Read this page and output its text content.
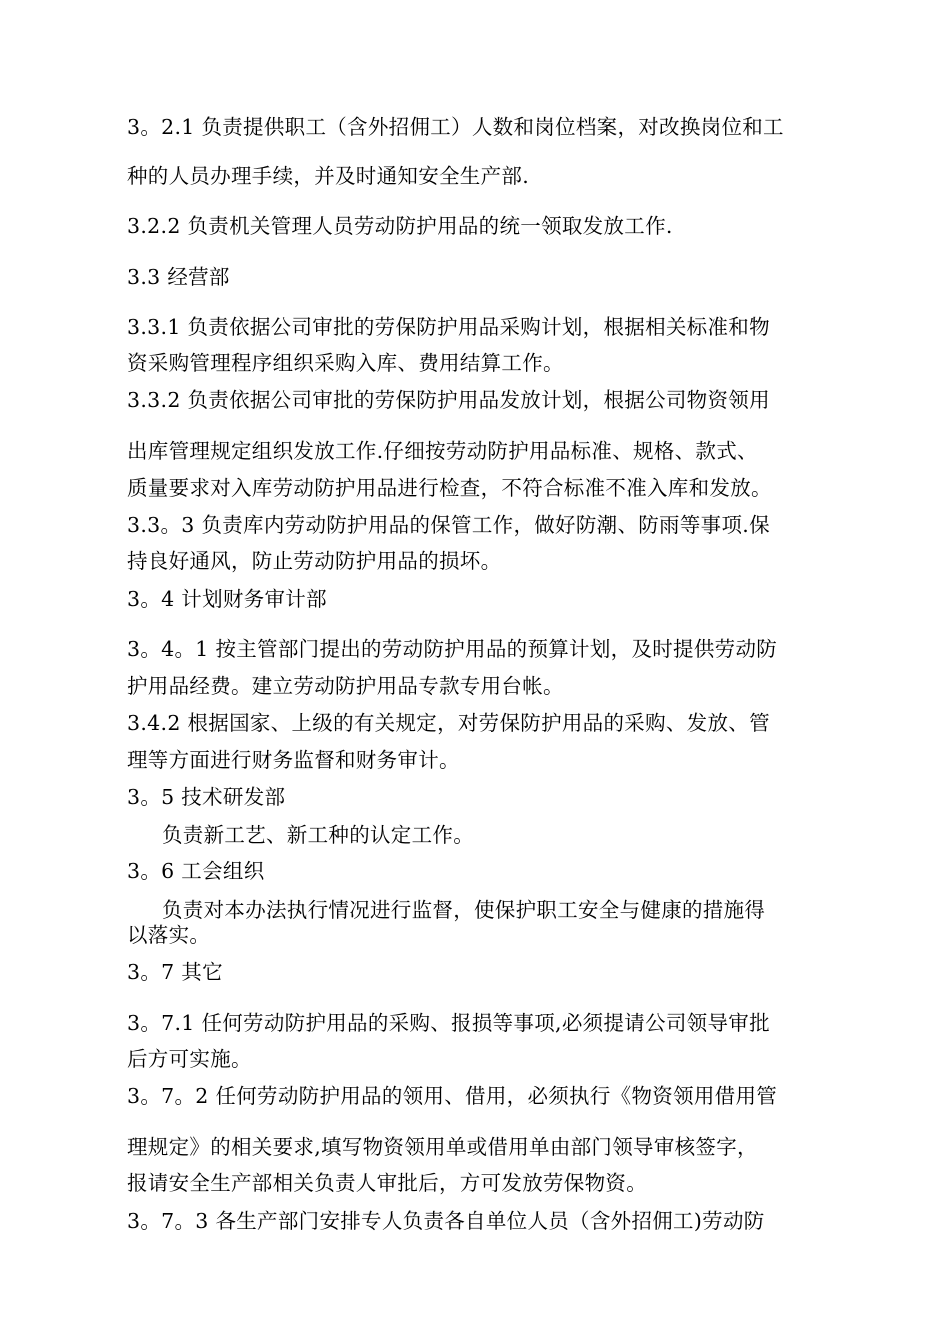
3。2.1 负责提供职工（含外招佣工）人数和岗位档案，对改换岗位和工
种的人员办理手续，并及时通知安全生产部.
3.2.2 负责机关管理人员劳动防护用品的统一领取发放工作.
3.3 经营部
3.3.1 负责依据公司审批的劳保防护用品采购计划，根据相关标准和物
资采购管理程序组织采购入库、费用结算工作。
3.3.2 负责依据公司审批的劳保防护用品发放计划，根据公司物资领用
出库管理规定组织发放工作.仔细按劳动防护用品标准、规格、款式、
质量要求对入库劳动防护用品进行检查，不符合标准不准入库和发放。
3.3。3 负责库内劳动防护用品的保管工作，做好防潮、防雨等事项.保
持良好通风，防止劳动防护用品的损坏。
3。4 计划财务审计部
3。4。1 按主管部门提出的劳动防护用品的预算计划，及时提供劳动防
护用品经费。建立劳动防护用品专款专用台帐。
3.4.2 根据国家、上级的有关规定，对劳保防护用品的采购、发放、管
理等方面进行财务监督和财务审计。
3。5 技术研发部
负责新工艺、新工种的认定工作。
3。6 工会组织
负责对本办法执行情况进行监督，使保护职工安全与健康的措施得
以落实。
3。7 其它
3。7.1 任何劳动防护用品的采购、报损等事项,必须提请公司领导审批
后方可实施。
3。7。2 任何劳动防护用品的领用、借用，必须执行《物资领用借用管
理规定》的相关要求,填写物资领用单或借用单由部门领导审核签字，
报请安全生产部相关负责人审批后，方可发放劳保物资。
3。7。3 各生产部门安排专人负责各自单位人员（含外招佣工)劳动防
